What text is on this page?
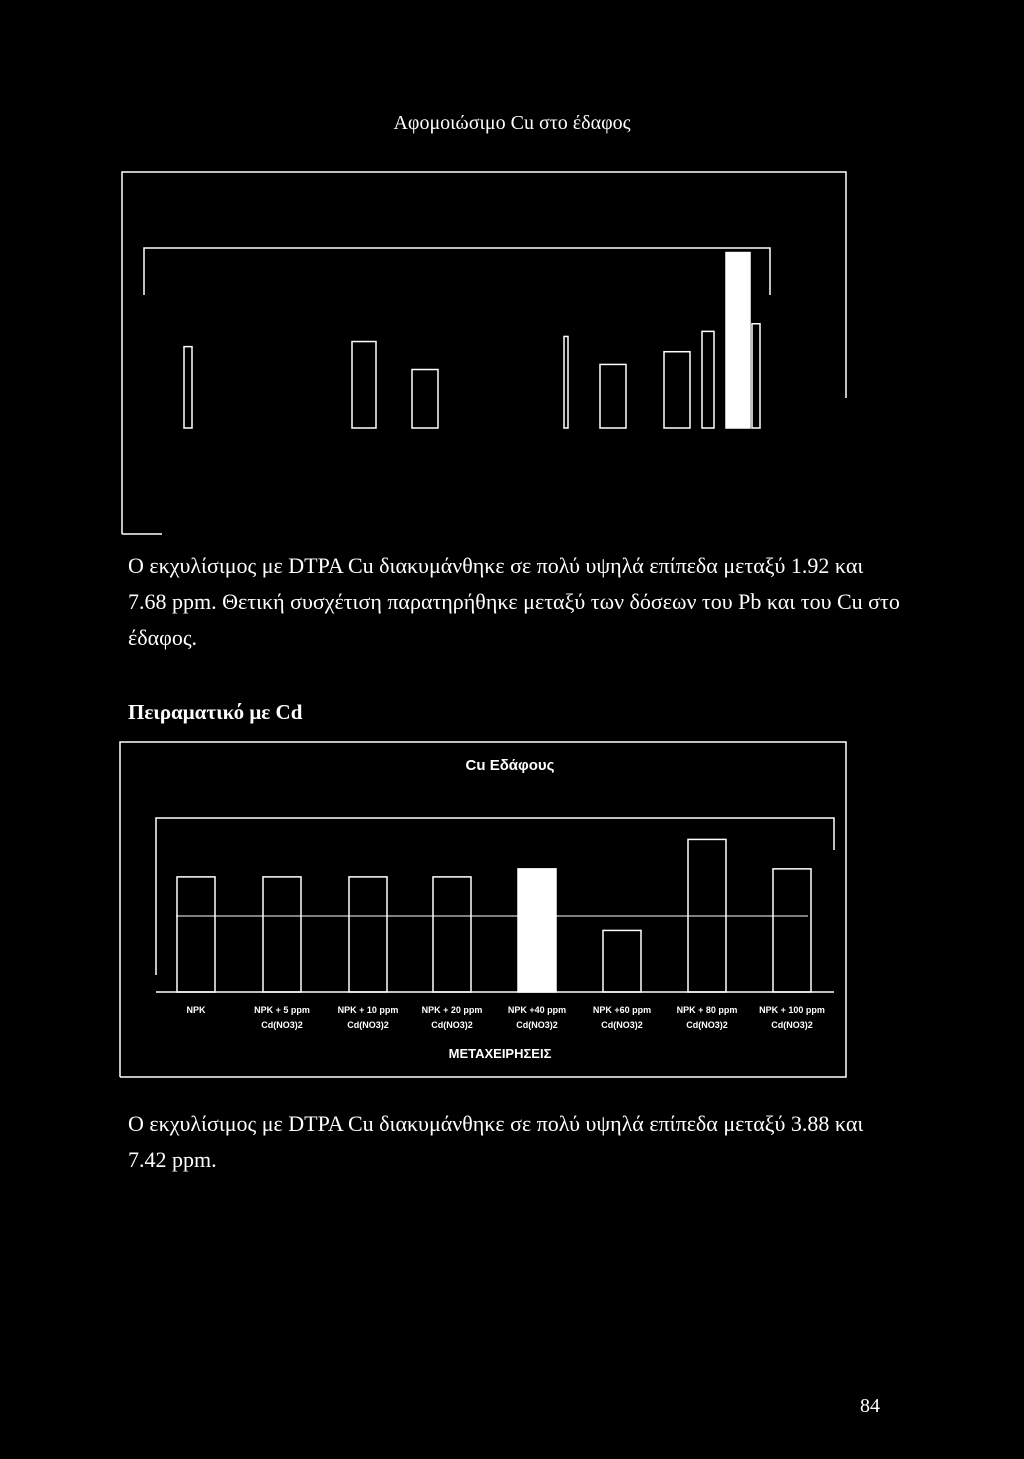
Αφομοιώσιμο Cu στο έδαφος
Cu Εδάφους
NPK	NPK + 5 ppm
Cd(NO3)2
NPK + 10 ppm
Cd(NO3)2
NPK + 20 ppm
Cd(NO3)2
NPK +40 ppm
Cd(NO3)2
NPK +60 ppm
Cd(NO3)2
NPK + 80 ppm
Cd(NO3)2
NPK + 100 ppm
Cd(NO3)2
ΜΕΤΑΧΕΙΡΗΣΕΙΣ
Ο εκχυλίσιμος με DTPA Cu διακυμάνθηκε σε πολύ υψηλά επίπεδα μεταξύ 1.92 και
7.68 ppm. Θετική συσχέτιση παρατηρήθηκε μεταξύ των δόσεων του Pb και του Cu στο
έδαφος.
Πειραματικό με Cd
Ο εκχυλίσιμος με DTPA Cu διακυμάνθηκε σε πολύ υψηλά επίπεδα μεταξύ 3.88 και
7.42 ppm.
84
